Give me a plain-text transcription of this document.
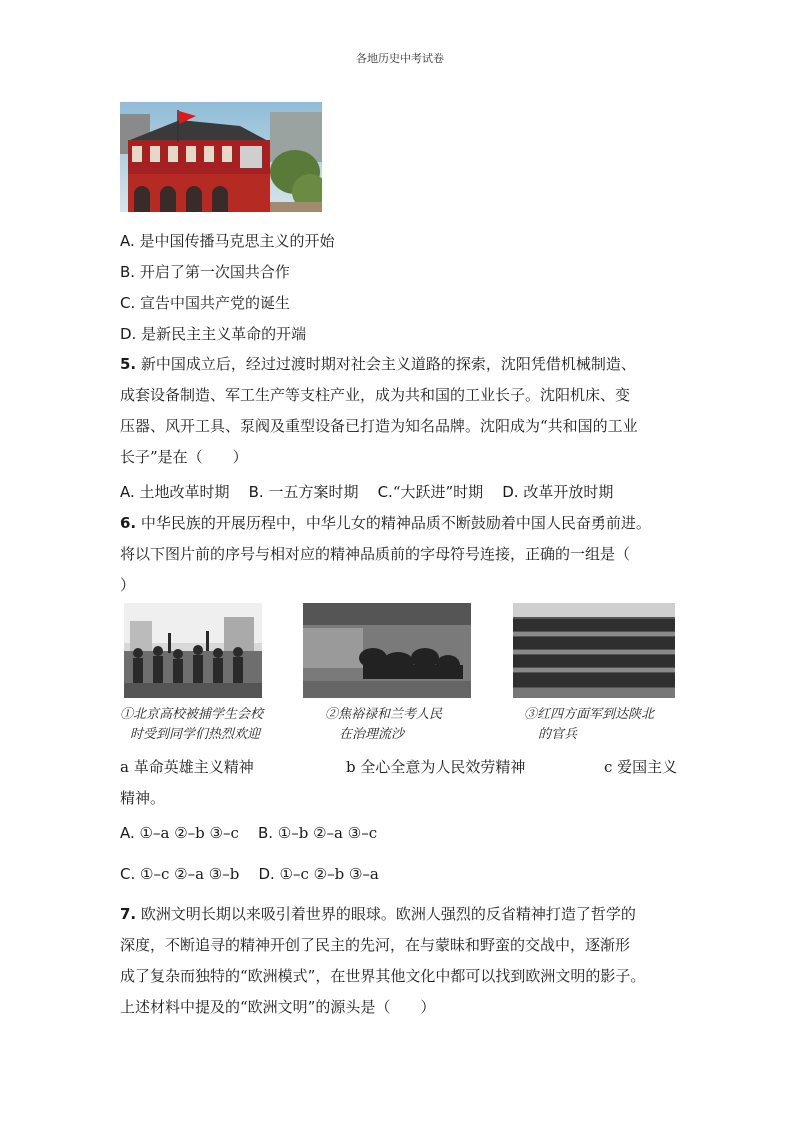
各地历史中考试卷
A. 是中国传播马克思主义的开始
B. 开启了第一次国共合作
C. 宣告中国共产党的诞生
D. 是新民主主义革命的开端
5. 新中国成立后，经过过渡时期对社会主义道路的探索，沈阳凭借机械制造、
成套设备制造、军工生产等支柱产业，成为共和国的工业长子。沈阳机床、变
压器、风开工具、泵阀及重型设备已打造为知名品牌。沈阳成为“共和国的工业
长子”是在（　　）
A. 土地改革时期 B. 一五方案时期 C.“大跃进”时期 D. 改革开放时期
6. 中华民族的开展历程中，中华儿女的精神品质不断鼓励着中国人民奋勇前进。
将以下图片前的序号与相对应的精神品质前的字母符号连接，正确的一组是（
）
①北京高校被捕学生会校
时受到同学们热烈欢迎
②焦裕禄和兰考人民
在治理流沙
③红四方面军到达陕北
的官兵
a 革命英雄主义精神	b 全心全意为人民效劳精神	c 爱国主义
精神。
A. ①–a ②–b ③–c B. ①–b ②–a ③–c
C. ①–c ②–a ③–b D. ①–c ②–b ③–a
7. 欧洲文明长期以来吸引着世界的眼球。欧洲人强烈的反省精神打造了哲学的
深度，不断追寻的精神开创了民主的先河，在与蒙昧和野蛮的交战中，逐渐形
成了复杂而独特的“欧洲模式”，在世界其他文化中都可以找到欧洲文明的影子。
上述材料中提及的“欧洲文明”的源头是（　　）
